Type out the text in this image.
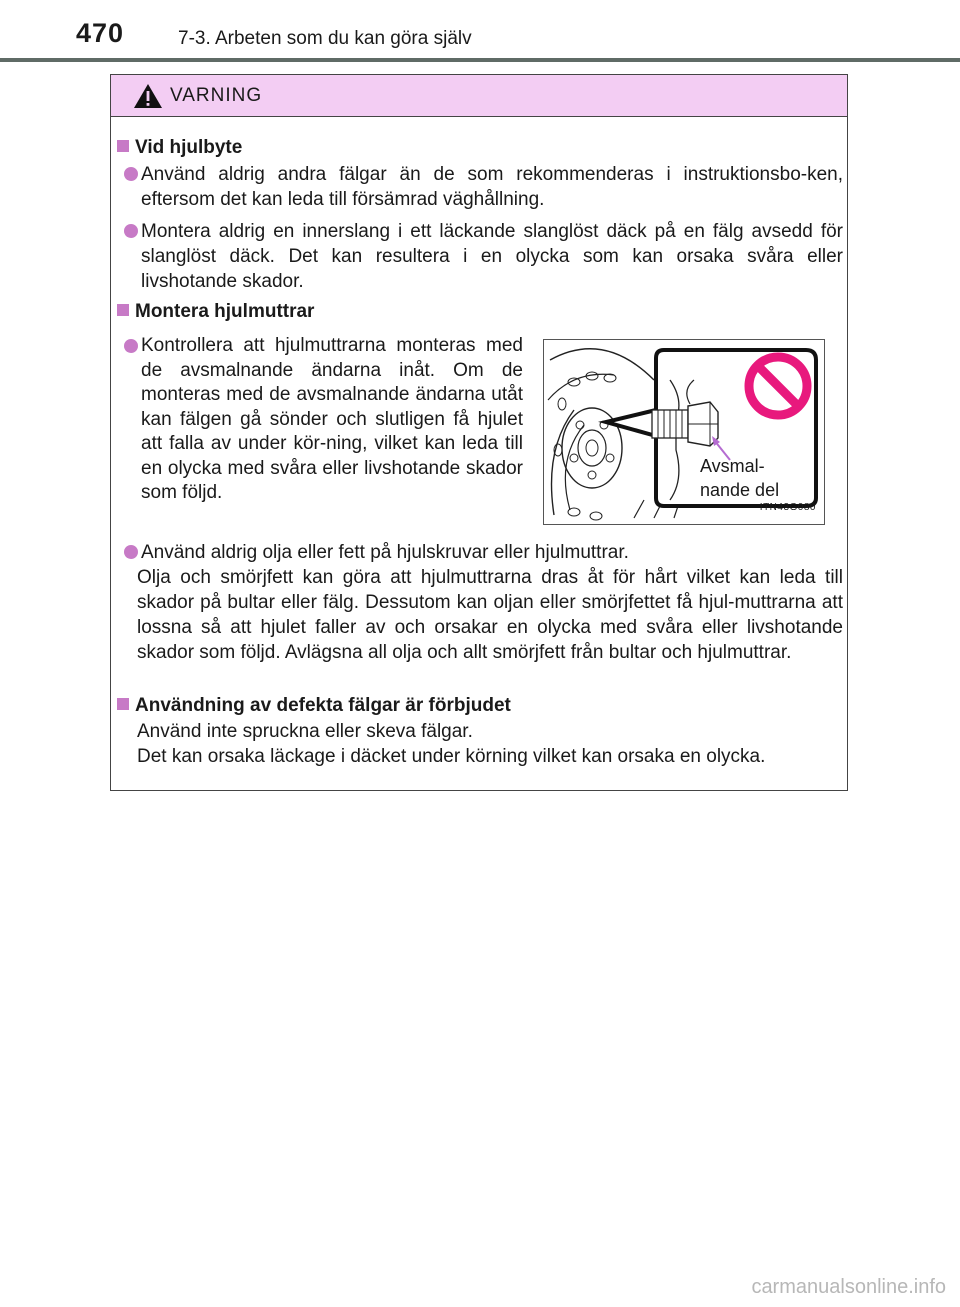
470	7-3. Arbeten som du kan göra själv
VARNING
Vid hjulbyte
Använd aldrig andra fälgar än de som rekommenderas i instruktionsbo-ken, eftersom det kan leda till försämrad väghållning.
Montera aldrig en innerslang i ett läckande slanglöst däck på en fälg avsedd för slanglöst däck. Det kan resultera i en olycka som kan orsaka svåra eller livshotande skador.
Montera hjulmuttrar
Kontrollera att hjulmuttrarna monteras med de avsmalnande ändarna inåt. Om de monteras med de avsmalnande ändarna utåt kan fälgen gå sönder och slutligen få hjulet att falla av under kör-ning, vilket kan leda till en olycka med svåra eller livshotande skador som följd.
Avsmal-
nande del
ITN43G080
Använd aldrig olja eller fett på hjulskruvar eller hjulmuttrar.
Olja och smörjfett kan göra att hjulmuttrarna dras åt för hårt vilket kan leda till skador på bultar eller fälg. Dessutom kan oljan eller smörjfettet få hjul-muttrarna att lossna så att hjulet faller av och orsakar en olycka med svåra eller livshotande skador som följd. Avlägsna all olja och allt smörjfett från bultar och hjulmuttrar.
Användning av defekta fälgar är förbjudet
Använd inte spruckna eller skeva fälgar.
Det kan orsaka läckage i däcket under körning vilket kan orsaka en olycka.
carmanualsonline.info
